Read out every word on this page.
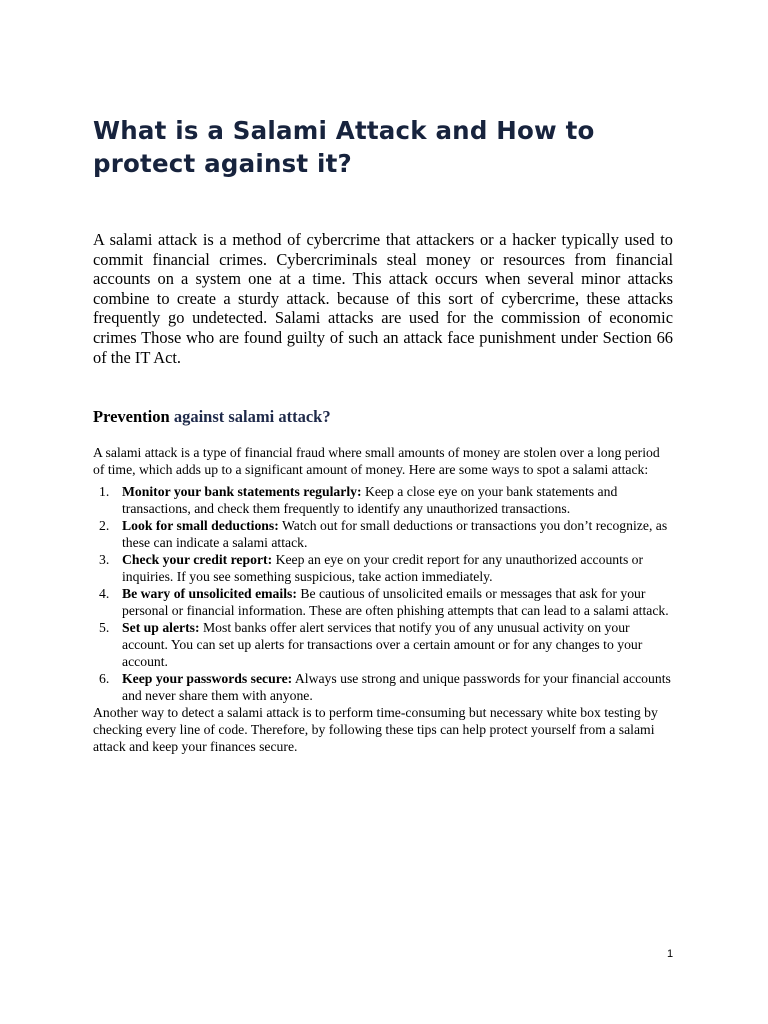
What is a Salami Attack and How to protect against it?

A salami attack is a method of cybercrime that attackers or a hacker typically used to commit financial crimes. Cybercriminals steal money or resources from financial accounts on a system one at a time. This attack occurs when several minor attacks combine to create a sturdy attack. because of this sort of cybercrime, these attacks frequently go undetected. Salami attacks are used for the commission of economic crimes Those who are found guilty of such an attack face punishment under Section 66 of the IT Act.

Prevention against salami attack?

A salami attack is a type of financial fraud where small amounts of money are stolen over a long period of time, which adds up to a significant amount of money. Here are some ways to spot a salami attack:

1. Monitor your bank statements regularly: Keep a close eye on your bank statements and transactions, and check them frequently to identify any unauthorized transactions.
2. Look for small deductions: Watch out for small deductions or transactions you don’t recognize, as these can indicate a salami attack.
3. Check your credit report: Keep an eye on your credit report for any unauthorized accounts or inquiries. If you see something suspicious, take action immediately.
4. Be wary of unsolicited emails: Be cautious of unsolicited emails or messages that ask for your personal or financial information. These are often phishing attempts that can lead to a salami attack.
5. Set up alerts: Most banks offer alert services that notify you of any unusual activity on your account. You can set up alerts for transactions over a certain amount or for any changes to your account.
6. Keep your passwords secure: Always use strong and unique passwords for your financial accounts and never share them with anyone.

Another way to detect a salami attack is to perform time-consuming but necessary white box testing by checking every line of code. Therefore, by following these tips can help protect yourself from a salami attack and keep your finances secure.

1
